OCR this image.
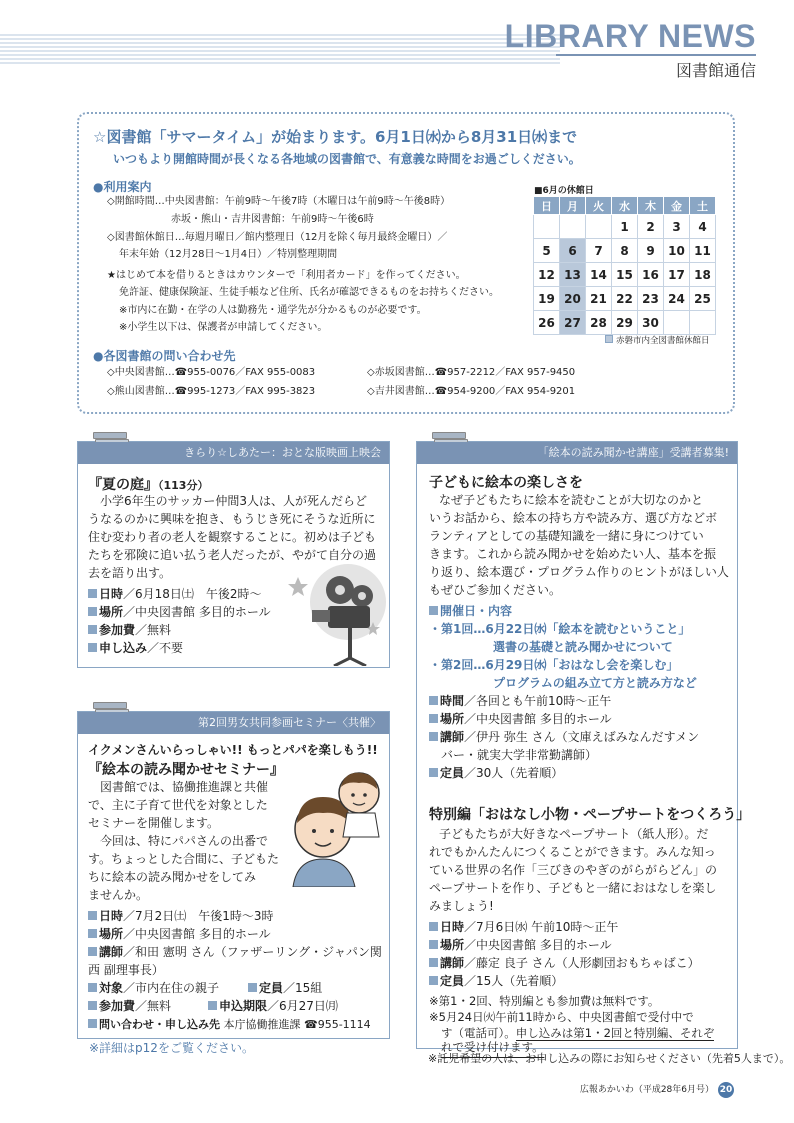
LIBRARY NEWS
図書館通信
☆図書館「サマータイム」が始まります。6月1日㈬から8月31日㈬まで
いつもより開館時間が長くなる各地域の図書館で、有意義な時間をお過ごしください。
●利用案内
◇開館時間…中央図書館：午前9時〜午後7時（木曜日は午前9時〜午後8時）
赤坂・熊山・吉井図書館：午前9時〜午後6時
◇図書館休館日…毎週月曜日／館内整理日（12月を除く毎月最終金曜日）／
年末年始（12月28日〜1月4日）／特別整理期間
★はじめて本を借りるときはカウンターで「利用者カード」を作ってください。
免許証、健康保険証、生徒手帳など住所、氏名が確認できるものをお持ちください。
※市内に在勤・在学の人は勤務先・通学先が分かるものが必要です。
※小学生以下は、保護者が申請してください。
●各図書館の問い合わせ先
◇中央図書館…☎955-0076／FAX 955-0083	◇赤坂図書館…☎957-2212／FAX 957-9450
◇熊山図書館…☎995-1273／FAX 995-3823	◇吉井図書館…☎954-9200／FAX 954-9201
■6月の休館日
日	月	火	水	木	金	土
			1	2	3	4
5	6	7	8	9	10	11
12	13	14	15	16	17	18
19	20	21	22	23	24	25
26	27	28	29	30		
赤磐市内全図書館休館日
きらり☆しあたー：おとな版映画上映会
『夏の庭』（113分）
小学6年生のサッカー仲間3人は、人が死んだらど
うなるのかに興味を抱き、もうじき死にそうな近所に
住む変わり者の老人を観察することに。初めは子ども
たちを邪険に追い払う老人だったが、やがて自分の過
去を語り出す。
日時／6月18日㈯　午後2時〜
場所／中央図書館 多目的ホール
参加費／無料
申し込み／不要
第2回男女共同参画セミナー〈共催〉
イクメンさんいらっしゃい!! もっとパパを楽しもう!!
『絵本の読み聞かせセミナー』
図書館では、協働推進課と共催
で、主に子育て世代を対象とした
セミナーを開催します。
今回は、特にパパさんの出番で
す。ちょっとした合間に、子どもた
ちに絵本の読み聞かせをしてみ
ませんか。
日時／7月2日㈯　午後1時〜3時
場所／中央図書館 多目的ホール
講師／和田 憲明 さん（ファザーリング・ジャパン関
西 副理事長）
対象／市内在住の親子	定員／15組
参加費／無料	申込期限／6月27日㈪
問い合わせ・申し込み先 本庁協働推進課 ☎955-1114
※詳細はp12をご覧ください。
「絵本の読み聞かせ講座」受講者募集!
子どもに絵本の楽しさを
なぜ子どもたちに絵本を読むことが大切なのかと
いうお話から、絵本の持ち方や読み方、選び方などボ
ランティアとしての基礎知識を一緒に身につけてい
きます。これから読み聞かせを始めたい人、基本を振
り返り、絵本選び・プログラム作りのヒントがほしい人
もぜひご参加ください。
開催日・内容
・第1回…6月22日㈬「絵本を読むということ」
選書の基礎と読み聞かせについて
・第2回…6月29日㈬「おはなし会を楽しむ」
プログラムの組み立て方と読み方など
時間／各回とも午前10時〜正午
場所／中央図書館 多目的ホール
講師／伊丹 弥生 さん（文庫えばみなんだすメン
バー・就実大学非常勤講師）
定員／30人（先着順）
特別編「おはなし小物・ペープサートをつくろう」
子どもたちが大好きなペープサート（紙人形）。だ
れでもかんたんにつくることができます。みんな知っ
ている世界の名作「三びきのやぎのがらがらどん」の
ペープサートを作り、子どもと一緒におはなしを楽し
みましょう!
日時／7月6日㈬ 午前10時〜正午
場所／中央図書館 多目的ホール
講師／藤定 良子 さん（人形劇団おもちゃばこ）
定員／15人（先着順）
※第1・2回、特別編とも参加費は無料です。
※5月24日㈫午前11時から、中央図書館で受付中で
す（電話可）。申し込みは第1・2回と特別編、それぞ
れで受け付けます。
広報あかいわ（平成28年6月号） 20
※託児希望の人は、お申し込みの際にお知らせください（先着5人まで）。
